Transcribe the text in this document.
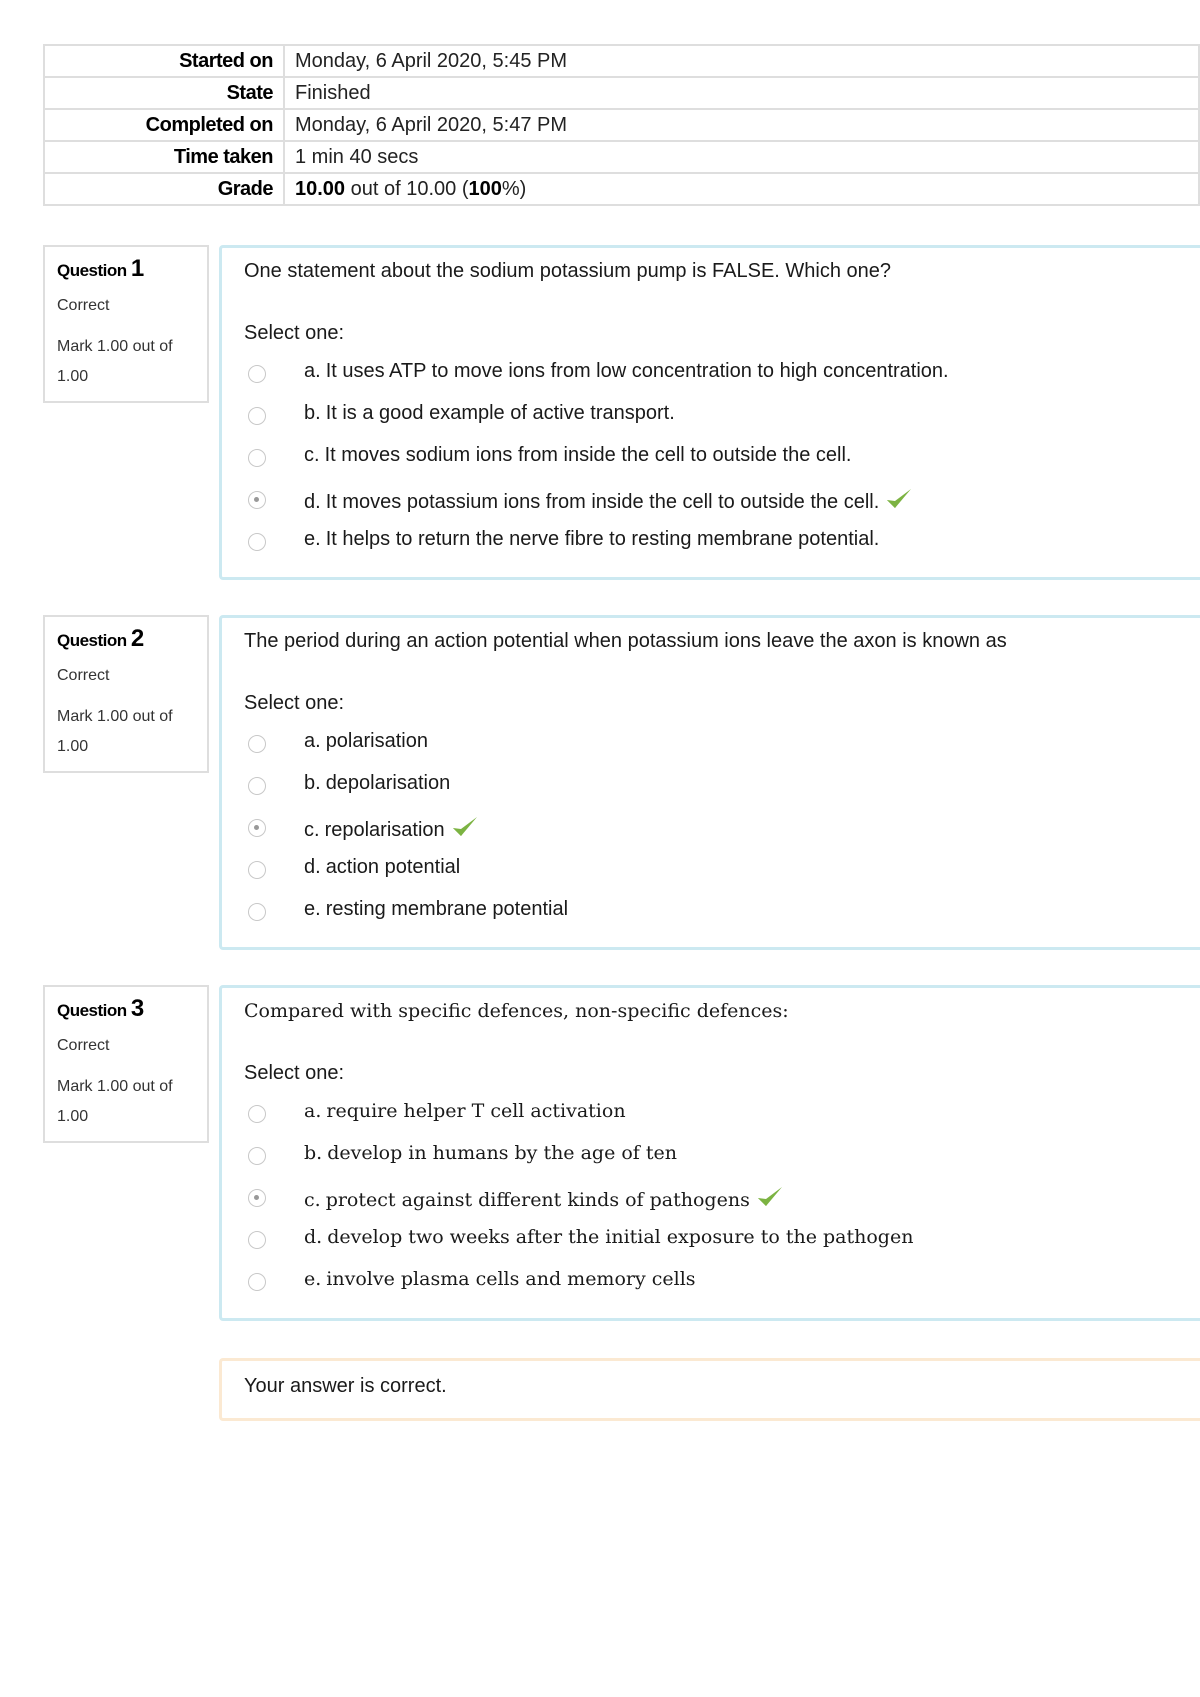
Started on	Monday, 6 April 2020, 5:45 PM
State	Finished
Completed on	Monday, 6 April 2020, 5:47 PM
Time taken	1 min 40 secs
Grade	10.00 out of 10.00 (100%)
Question 1
Correct
Mark 1.00 out of 1.00
One statement about the sodium potassium pump is FALSE. Which one?
Select one:
a. It uses ATP to move ions from low concentration to high concentration.
b. It is a good example of active transport.
c. It moves sodium ions from inside the cell to outside the cell.
d. It moves potassium ions from inside the cell to outside the cell.
e. It helps to return the nerve fibre to resting membrane potential.
Question 2
Correct
Mark 1.00 out of 1.00
The period during an action potential when potassium ions leave the axon is known as
Select one:
a. polarisation
b. depolarisation
c. repolarisation
d. action potential
e. resting membrane potential
Question 3
Correct
Mark 1.00 out of 1.00
Compared with specific defences, non-specific defences:
Select one:
a. require helper T cell activation
b. develop in humans by the age of ten
c. protect against different kinds of pathogens
d. develop two weeks after the initial exposure to the pathogen
e. involve plasma cells and memory cells
Your answer is correct.
